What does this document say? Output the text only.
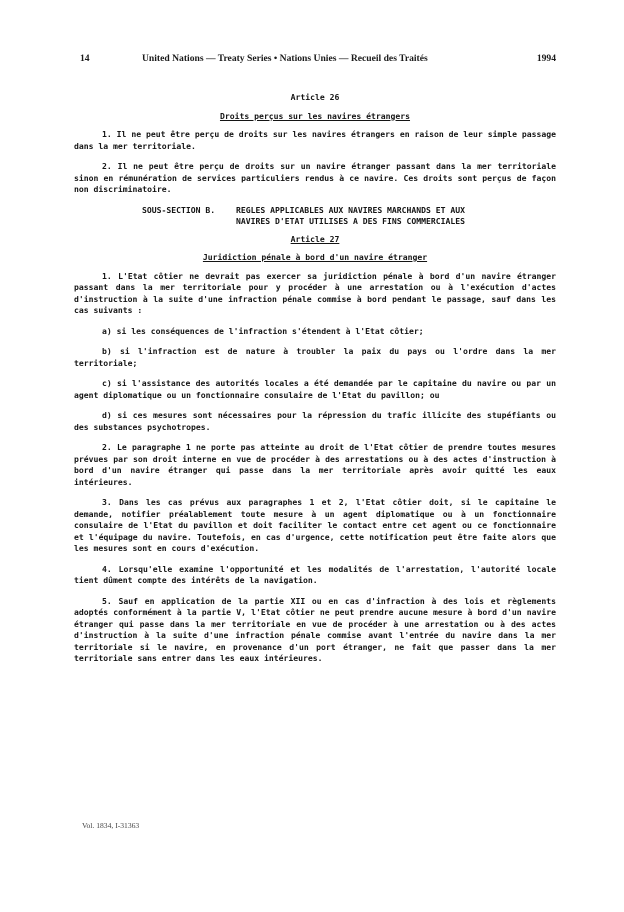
14	United Nations — Treaty Series • Nations Unies — Recueil des Traités	1994
Article 26
Droits perçus sur les navires étrangers

1. Il ne peut être perçu de droits sur les navires étrangers en raison de leur simple passage dans la mer territoriale.

2. Il ne peut être perçu de droits sur un navire étranger passant dans la mer territoriale sinon en rémunération de services particuliers rendus à ce navire. Ces droits sont perçus de façon non discriminatoire.

SOUS-SECTION B.	REGLES APPLICABLES AUX NAVIRES MARCHANDS ET AUX NAVIRES D'ETAT UTILISES A DES FINS COMMERCIALES
Article 27
Juridiction pénale à bord d'un navire étranger

1. L'Etat côtier ne devrait pas exercer sa juridiction pénale à bord d'un navire étranger passant dans la mer territoriale pour y procéder à une arrestation ou à l'exécution d'actes d'instruction à la suite d'une infraction pénale commise à bord pendant le passage, sauf dans les cas suivants :

a) si les conséquences de l'infraction s'étendent à l'Etat côtier;

b) si l'infraction est de nature à troubler la paix du pays ou l'ordre dans la mer territoriale;

c) si l'assistance des autorités locales a été demandée par le capitaine du navire ou par un agent diplomatique ou un fonctionnaire consulaire de l'Etat du pavillon; ou

d) si ces mesures sont nécessaires pour la répression du trafic illicite des stupéfiants ou des substances psychotropes.

2. Le paragraphe 1 ne porte pas atteinte au droit de l'Etat côtier de prendre toutes mesures prévues par son droit interne en vue de procéder à des arrestations ou à des actes d'instruction à bord d'un navire étranger qui passe dans la mer territoriale après avoir quitté les eaux intérieures.

3. Dans les cas prévus aux paragraphes 1 et 2, l'Etat côtier doit, si le capitaine le demande, notifier préalablement toute mesure à un agent diplomatique ou à un fonctionnaire consulaire de l'Etat du pavillon et doit faciliter le contact entre cet agent ou ce fonctionnaire et l'équipage du navire. Toutefois, en cas d'urgence, cette notification peut être faite alors que les mesures sont en cours d'exécution.

4. Lorsqu'elle examine l'opportunité et les modalités de l'arrestation, l'autorité locale tient dûment compte des intérêts de la navigation.

5. Sauf en application de la partie XII ou en cas d'infraction à des lois et règlements adoptés conformément à la partie V, l'Etat côtier ne peut prendre aucune mesure à bord d'un navire étranger qui passe dans la mer territoriale en vue de procéder à une arrestation ou à des actes d'instruction à la suite d'une infraction pénale commise avant l'entrée du navire dans la mer territoriale si le navire, en provenance d'un port étranger, ne fait que passer dans la mer territoriale sans entrer dans les eaux intérieures.

Vol. 1834, I-31363
